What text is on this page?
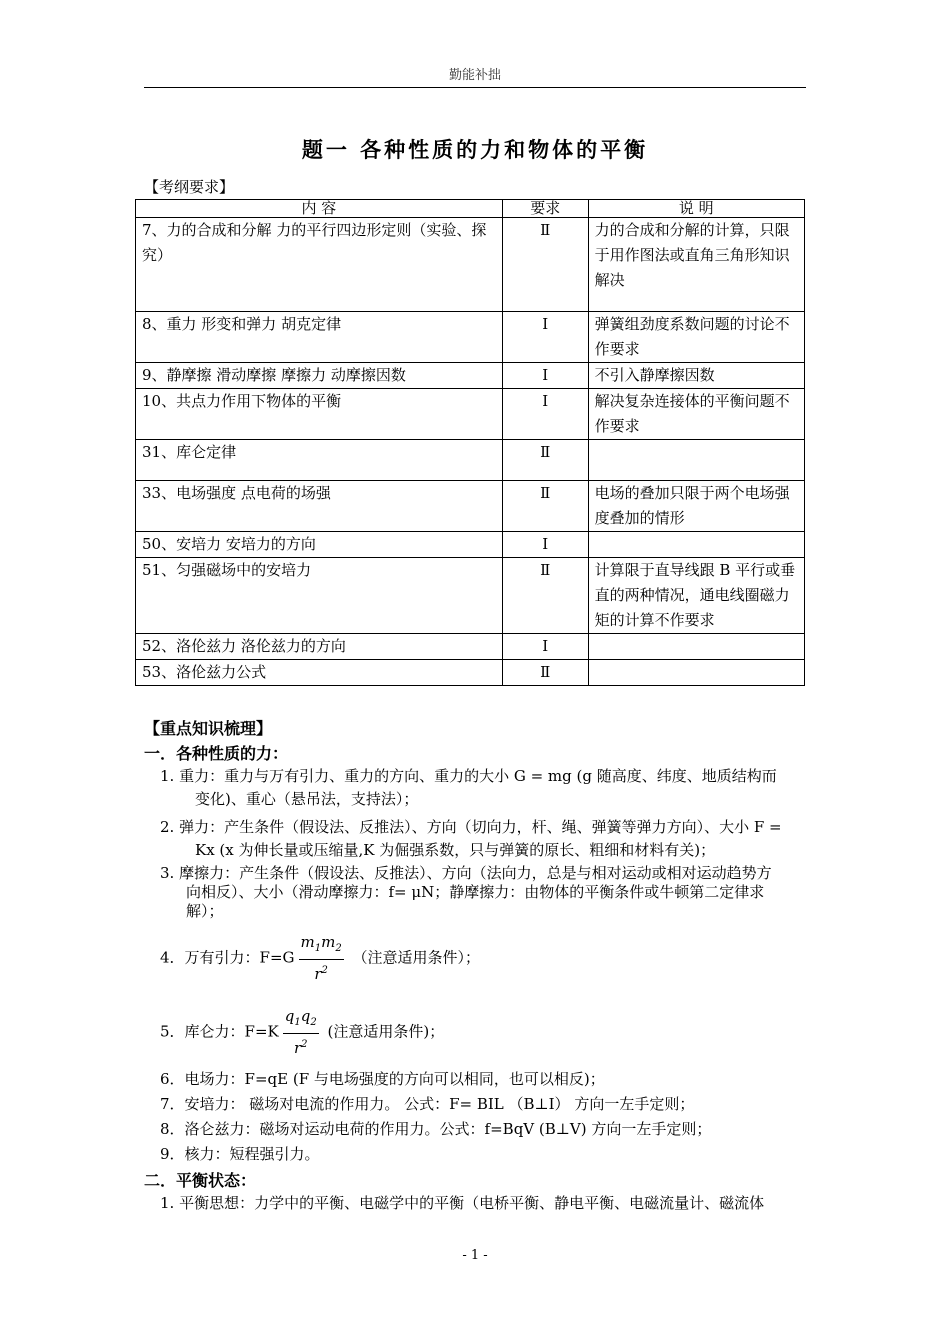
勤能补拙
题一 各种性质的力和物体的平衡
【考纲要求】
内 容	要求	说 明
7、力的合成和分解 力的平行四边形定则（实验、探究）	Ⅱ	力的合成和分解的计算，只限于用作图法或直角三角形知识解决
8、重力 形变和弹力 胡克定律	Ⅰ	弹簧组劲度系数问题的讨论不作要求
9、静摩擦 滑动摩擦 摩擦力 动摩擦因数	Ⅰ	不引入静摩擦因数
10、共点力作用下物体的平衡	Ⅰ	解决复杂连接体的平衡问题不作要求
31、库仑定律	Ⅱ	
33、电场强度 点电荷的场强	Ⅱ	电场的叠加只限于两个电场强度叠加的情形
50、安培力 安培力的方向	Ⅰ	
51、匀强磁场中的安培力	Ⅱ	计算限于直导线跟 B 平行或垂直的两种情况，通电线圈磁力矩的计算不作要求
52、洛伦兹力 洛伦兹力的方向	Ⅰ	
53、洛伦兹力公式	Ⅱ	
【重点知识梳理】
一．各种性质的力：
1. 重力：重力与万有引力、重力的方向、重力的大小 G = mg (g 随高度、纬度、地质结构而
变化)、重心（悬吊法，支持法）；
2. 弹力：产生条件（假设法、反推法）、方向（切向力，杆、绳、弹簧等弹力方向）、大小 F =
Kx (x 为伸长量或压缩量,K 为倔强系数，只与弹簧的原长、粗细和材料有关)；
3. 摩擦力：产生条件（假设法、反推法）、方向（法向力，总是与相对运动或相对运动趋势方
向相反）、大小（滑动摩擦力：f= μN；静摩擦力：由物体的平衡条件或牛顿第二定律求
解）；
4．万有引力：$F=G \frac{m_1m_2}{r^2}$ （注意适用条件）；
5．库仑力：$F=K \frac{q_1q_2}{r^2}$ (注意适用条件)；
6．电场力：F=qE (F 与电场强度的方向可以相同，也可以相反)；
7．安培力： 磁场对电流的作用力。 公式：F= BIL （B⊥I） 方向一左手定则；
8．洛仑兹力：磁场对运动电荷的作用力。公式：f=BqV (B⊥V) 方向一左手定则；
9．核力：短程强引力。
二．平衡状态：
1. 平衡思想：力学中的平衡、电磁学中的平衡（电桥平衡、静电平衡、电磁流量计、磁流体
- 1 -
